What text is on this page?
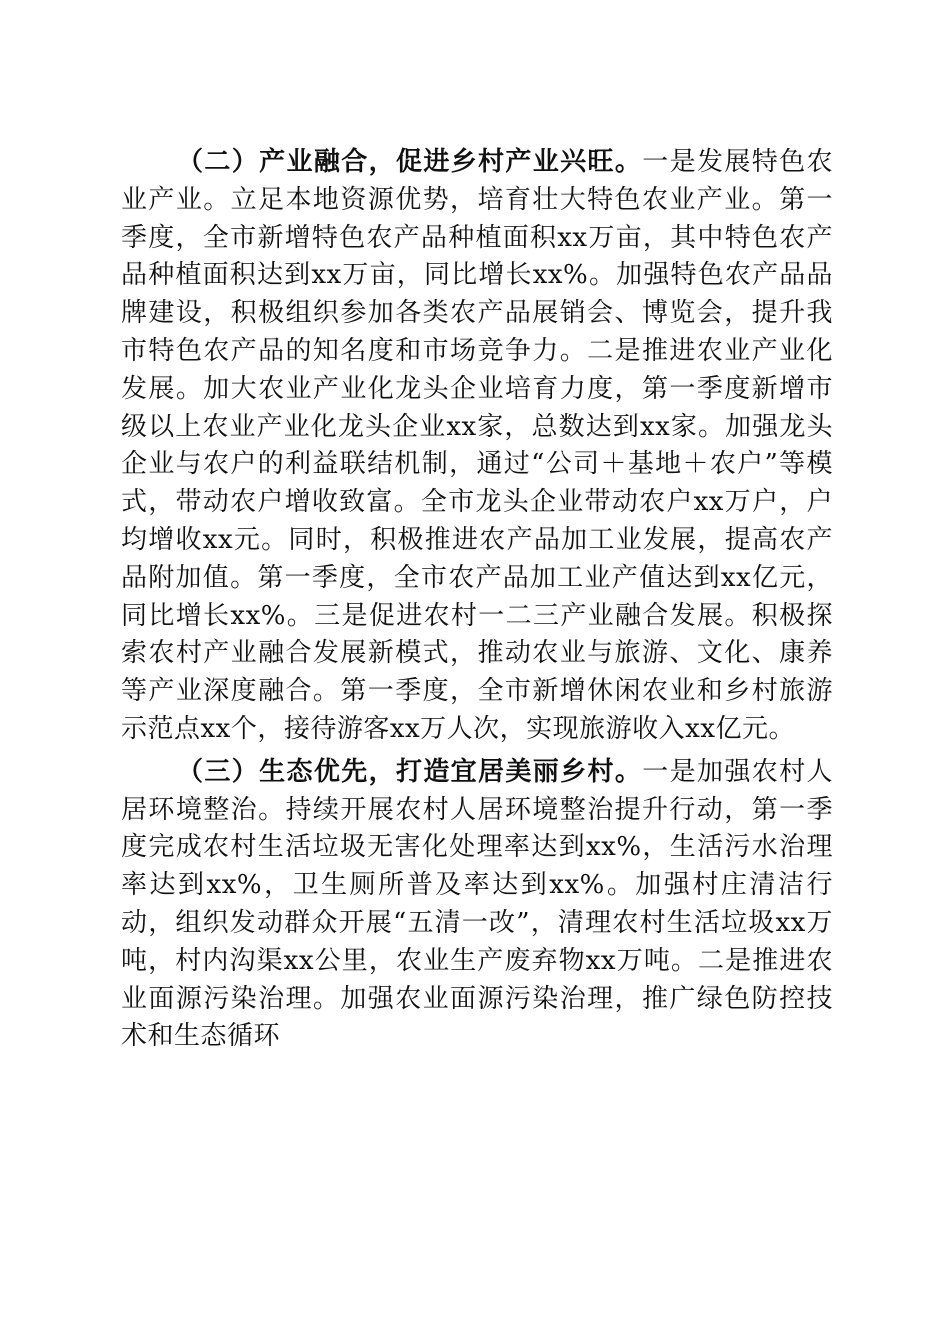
（二）产业融合，促进乡村产业兴旺。一是发展特色农业产业。立足本地资源优势，培育壮大特色农业产业。第一季度，全市新增特色农产品种植面积xx万亩，其中特色农产品种植面积达到xx万亩，同比增长xx%。加强特色农产品品牌建设，积极组织参加各类农产品展销会、博览会，提升我市特色农产品的知名度和市场竞争力。二是推进农业产业化发展。加大农业产业化龙头企业培育力度，第一季度新增市级以上农业产业化龙头企业xx家，总数达到xx家。加强龙头企业与农户的利益联结机制，通过“公司＋基地＋农户”等模式，带动农户增收致富。全市龙头企业带动农户xx万户，户均增收xx元。同时，积极推进农产品加工业发展，提高农产品附加值。第一季度，全市农产品加工业产值达到xx亿元，同比增长xx%。三是促进农村一二三产业融合发展。积极探索农村产业融合发展新模式，推动农业与旅游、文化、康养等产业深度融合。第一季度，全市新增休闲农业和乡村旅游示范点xx个，接待游客xx万人次，实现旅游收入xx亿元。

（三）生态优先，打造宜居美丽乡村。一是加强农村人居环境整治。持续开展农村人居环境整治提升行动，第一季度完成农村生活垃圾无害化处理率达到xx%，生活污水治理率达到xx%，卫生厕所普及率达到xx%。加强村庄清洁行动，组织发动群众开展“五清一改”，清理农村生活垃圾xx万吨，村内沟渠xx公里，农业生产废弃物xx万吨。二是推进农业面源污染治理。加强农业面源污染治理，推广绿色防控技术和生态循环
